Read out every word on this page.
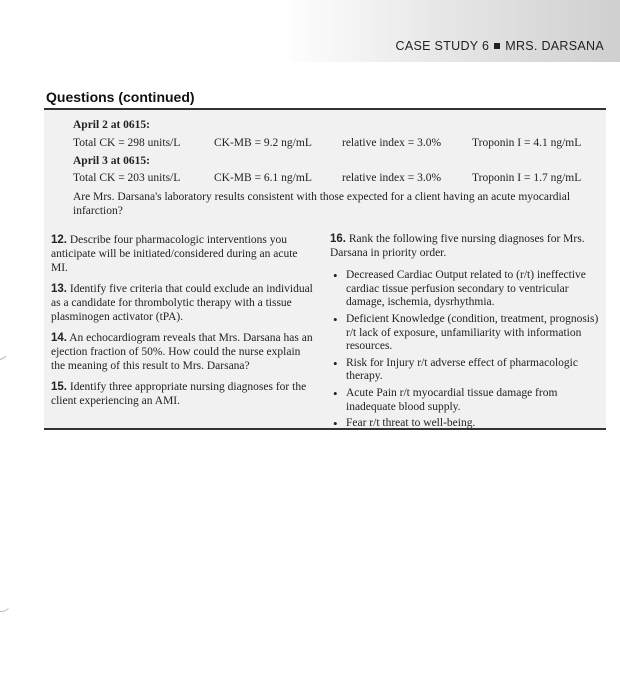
CASE STUDY 6 MRS. DARSANA
Questions (continued)
April 2 at 0615:
Total CK = 298 units/L	CK-MB = 9.2 ng/mL	relative index = 3.0%	Troponin I = 4.1 ng/mL
April 3 at 0615:
Total CK = 203 units/L	CK-MB = 6.1 ng/mL	relative index = 3.0%	Troponin I = 1.7 ng/mL
Are Mrs. Darsana's laboratory results consistent with those expected for a client having an acute myocardial infarction?

12. Describe four pharmacologic interventions you anticipate will be initiated/considered during an acute MI.

13. Identify five criteria that could exclude an individual as a candidate for thrombolytic therapy with a tissue plasminogen activator (tPA).

14. An echocardiogram reveals that Mrs. Darsana has an ejection fraction of 50%. How could the nurse explain the meaning of this result to Mrs. Darsana?

15. Identify three appropriate nursing diagnoses for the client experiencing an AMI.

16. Rank the following five nursing diagnoses for Mrs. Darsana in priority order.
• Decreased Cardiac Output related to (r/t) ineffective cardiac tissue perfusion secondary to ventricular damage, ischemia, dysrhythmia.
• Deficient Knowledge (condition, treatment, prognosis) r/t lack of exposure, unfamiliarity with information resources.
• Risk for Injury r/t adverse effect of pharmacologic therapy.
• Acute Pain r/t myocardial tissue damage from inadequate blood supply.
• Fear r/t threat to well-being.
